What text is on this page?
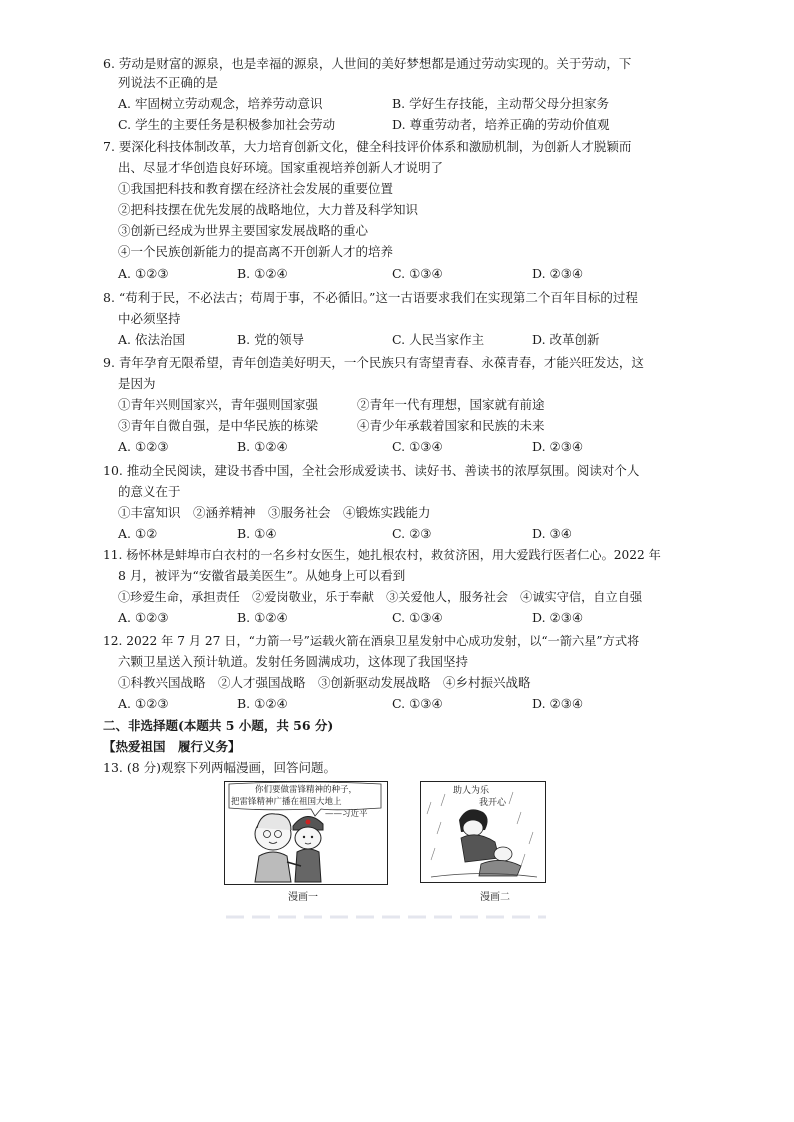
6. 劳动是财富的源泉，也是幸福的源泉，人世间的美好梦想都是通过劳动实现的。关于劳动，下
列说法不正确的是
A. 牢固树立劳动观念，培养劳动意识	B. 学好生存技能，主动帮父母分担家务
C. 学生的主要任务是积极参加社会劳动	D. 尊重劳动者，培养正确的劳动价值观
7. 要深化科技体制改革，大力培育创新文化，健全科技评价体系和激励机制，为创新人才脱颖而
出、尽显才华创造良好环境。国家重视培养创新人才说明了
①我国把科技和教育摆在经济社会发展的重要位置
②把科技摆在优先发展的战略地位，大力普及科学知识
③创新已经成为世界主要国家发展战略的重心
④一个民族创新能力的提高离不开创新人才的培养
A. ①②③	B. ①②④	C. ①③④	D. ②③④
8. “苟利于民，不必法古；苟周于事，不必循旧。”这一古语要求我们在实现第二个百年目标的过程
中必须坚持
A. 依法治国	B. 党的领导	C. 人民当家作主	D. 改革创新
9. 青年孕育无限希望，青年创造美好明天，一个民族只有寄望青春、永葆青春，才能兴旺发达，这
是因为
①青年兴则国家兴，青年强则国家强	②青年一代有理想，国家就有前途
③青年自微自强，是中华民族的栋梁	④青少年承载着国家和民族的未来
A. ①②③	B. ①②④	C. ①③④	D. ②③④
10. 推动全民阅读，建设书香中国，全社会形成爱读书、读好书、善读书的浓厚氛围。阅读对个人
的意义在于
①丰富知识　②涵养精神　③服务社会　④锻炼实践能力
A. ①②	B. ①④	C. ②③	D. ③④
11. 杨怀林是蚌埠市白衣村的一名乡村女医生，她扎根农村，救贫济困，用大爱践行医者仁心。2022 年
8 月，被评为“安徽省最美医生”。从她身上可以看到
①珍爱生命，承担责任　②爱岗敬业，乐于奉献　③关爱他人，服务社会　④诚实守信，自立自强
A. ①②③	B. ①②④	C. ①③④	D. ②③④
12. 2022 年 7 月 27 日，“力箭一号”运载火箭在酒泉卫星发射中心成功发射，以“一箭六星”方式将
六颗卫星送入预计轨道。发射任务圆满成功，这体现了我国坚持
①科教兴国战略　②人才强国战略　③创新驱动发展战略　④乡村振兴战略
A. ①②③	B. ①②④	C. ①③④	D. ②③④
二、非选择题(本题共 5 小题，共 56 分)
【热爱祖国　履行义务】
13. (8 分)观察下列两幅漫画，回答问题。
你们要做雷锋精神的种子，
把雷锋精神广播在祖国大地上
——习近平
漫画一
助人为乐
我开心
漫画二
